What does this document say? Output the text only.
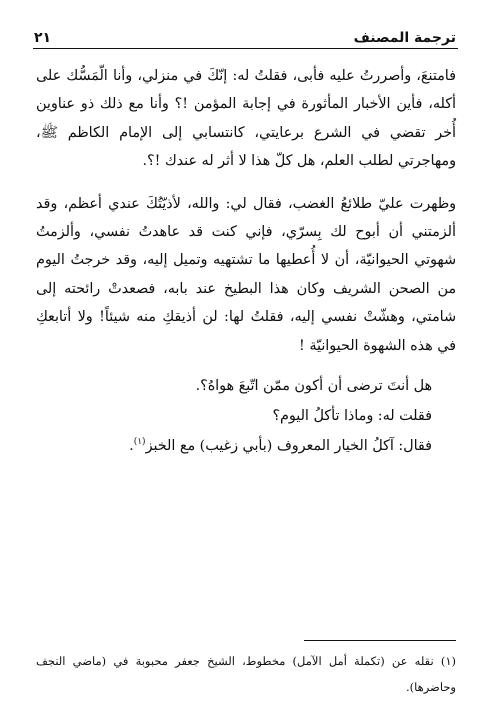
ترجمة المصنف
٢١

فامتنعَ، وأصررتُ عليه فأبى، فقلتُ له: إنّكَ في منزلي، وأنا الّمَسُّك على أكله، فأين الأخبار المأثورة في إجابة المؤمن !؟ وأنا مع ذلك ذو عناوين أُخر تقضي في الشرع برعايتي، كانتسابي إلى الإمام الكاظم ﷺ، ومهاجرتي لطلب العلم، هل كلّ هذا لا أثر له عندك !؟.

وظهرت عليّ طلائعُ الغضب، فقال لي: والله، لأذيّتُكَ عندي أعظم، وقد ألزمتني أن أبوح لك بِسرّي، فإني كنت قد عاهدتُ نفسي، وألزمتُ شهوتي الحيوانيّة، أن لا أُعطيها ما تشتهيه وتميل إليه، وقد خرجتُ اليوم من الصحن الشريف وكان هذا البطيخ عند بابه، فصعدتْ رائحته إلى شامتي، وهشّتْ نفسي إليه، فقلتُ لها: لن أذيقكِ منه شيئاً! ولا أتابعكِ في هذه الشهوة الحيوانيّة !

هل أنتَ ترضى أن أكون ممّن اتّبعَ هواهُ؟.

فقلت له: وماذا تأكلُ اليوم؟

فقال: آكلُ الخيار المعروف (بأبي زغيب) مع الخبز$^{(١)}$.

(١) نقله عن (تكملة أمل الآمل) مخطوط، الشيخ جعفر محبوبة في (ماضي النجف وحاضرها).
